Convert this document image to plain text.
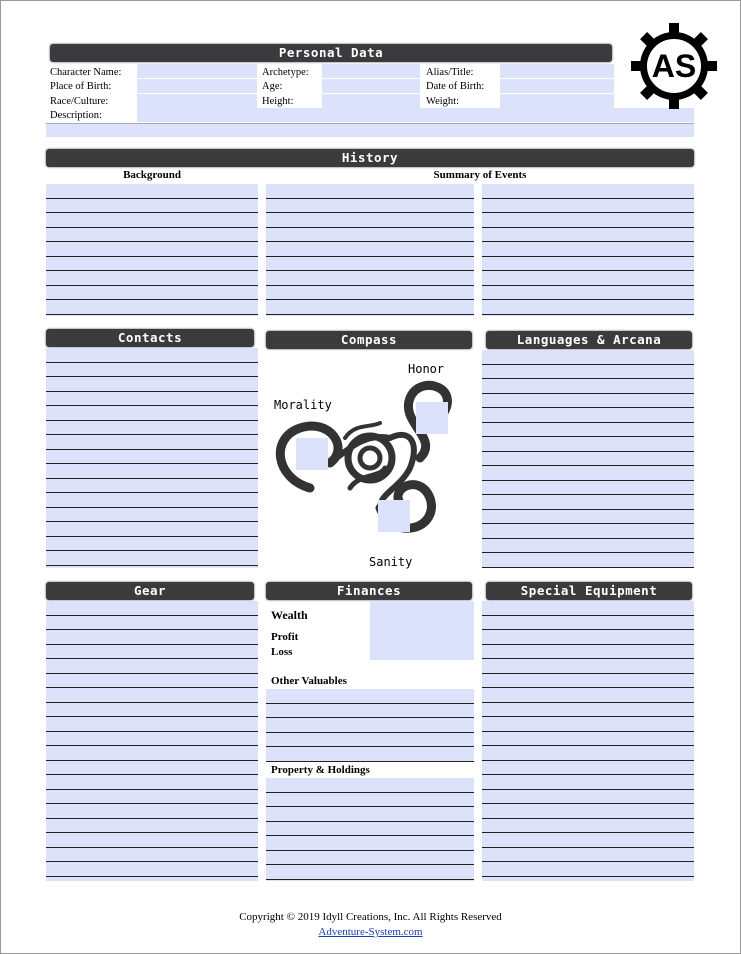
Personal Data
Character Name:	Archetype:	Alias/Title:
Place of Birth:	Age:	Date of Birth:
Race/Culture:	Height:	Weight:
Description:
AS
History
Background	Summary of Events
Contacts	Compass
Honor
Morality
Sanity
Languages & Arcana
Gear	Finances
Wealth
Profit
Loss
Other Valuables
Property & Holdings
Special Equipment
Copyright © 2019 Idyll Creations, Inc. All Rights Reserved
Adventure-System.com
